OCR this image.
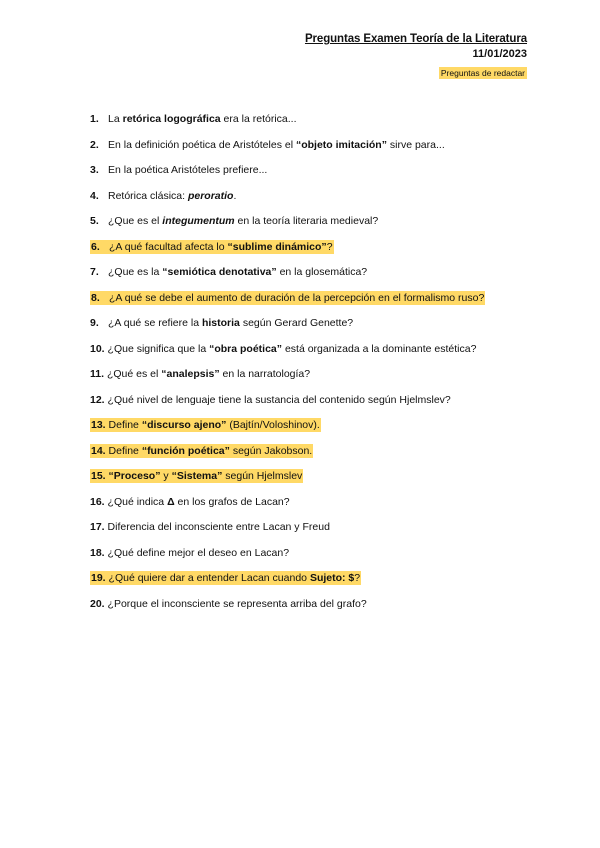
Preguntas Examen Teoría de la Literatura
11/01/2023
Preguntas de redactar
1. La retórica logográfica era la retórica...
2. En la definición poética de Aristóteles el “objeto imitación” sirve para...
3. En la poética Aristóteles prefiere...
4. Retórica clásica: peroratio.
5. ¿Que es el integumentum en la teoría literaria medieval?
6. ¿A qué facultad afecta lo “sublime dinámico”?
7. ¿Que es la “semiótica denotativa” en la glosemática?
8. ¿A qué se debe el aumento de duración de la percepción en el formalismo ruso?
9. ¿A qué se refiere la historia según Gerard Genette?
10. ¿Que significa que la “obra poética” está organizada a la dominante estética?
11. ¿Qué es el “analepsis” en la narratología?
12. ¿Qué nivel de lenguaje tiene la sustancia del contenido según Hjelmslev?
13. Define “discurso ajeno” (Bajtín/Voloshinov).
14. Define “función poética” según Jakobson.
15. “Proceso” y “Sistema” según Hjelmslev
16. ¿Qué indica Δ en los grafos de Lacan?
17. Diferencia del inconsciente entre Lacan y Freud
18. ¿Qué define mejor el deseo en Lacan?
19. ¿Qué quiere dar a entender Lacan cuando Sujeto: $?
20. ¿Porque el inconsciente se representa arriba del grafo?
